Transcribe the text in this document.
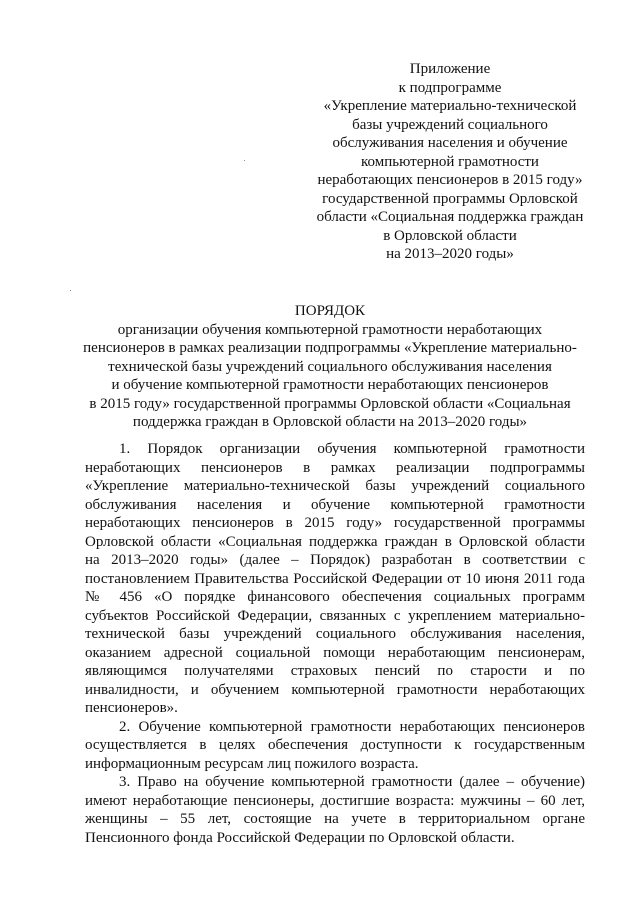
Приложение
к подпрограмме
«Укрепление материально-технической
базы учреждений социального
обслуживания населения и обучение
компьютерной грамотности
неработающих пенсионеров в 2015 году»
государственной программы Орловской
области «Социальная поддержка граждан
в Орловской области
на 2013–2020 годы»
ПОРЯДОК
организации обучения компьютерной грамотности неработающих
пенсионеров в рамках реализации подпрограммы «Укрепление материально-
технической базы учреждений социального обслуживания населения
и обучение компьютерной грамотности неработающих пенсионеров
в 2015 году» государственной программы Орловской области «Социальная
поддержка граждан в Орловской области на 2013–2020 годы»
1. Порядок организации обучения компьютерной грамотности
неработающих пенсионеров в рамках реализации подпрограммы
«Укрепление материально-технической базы учреждений социального
обслуживания населения и обучение компьютерной грамотности
неработающих пенсионеров в 2015 году» государственной программы
Орловской области «Социальная поддержка граждан в Орловской области
на 2013–2020 годы» (далее – Порядок) разработан в соответствии с
постановлением Правительства Российской Федерации от 10 июня 2011 года
№ 456 «О порядке финансового обеспечения социальных программ
субъектов Российской Федерации, связанных с укреплением материально-
технической базы учреждений социального обслуживания населения,
оказанием адресной социальной помощи неработающим пенсионерам,
являющимся получателями страховых пенсий по старости и по
инвалидности, и обучением компьютерной грамотности неработающих
пенсионеров».
2. Обучение компьютерной грамотности неработающих пенсионеров
осуществляется в целях обеспечения доступности к государственным
информационным ресурсам лиц пожилого возраста.
3. Право на обучение компьютерной грамотности (далее – обучение)
имеют неработающие пенсионеры, достигшие возраста: мужчины – 60 лет,
женщины – 55 лет, состоящие на учете в территориальном органе
Пенсионного фонда Российской Федерации по Орловской области.
